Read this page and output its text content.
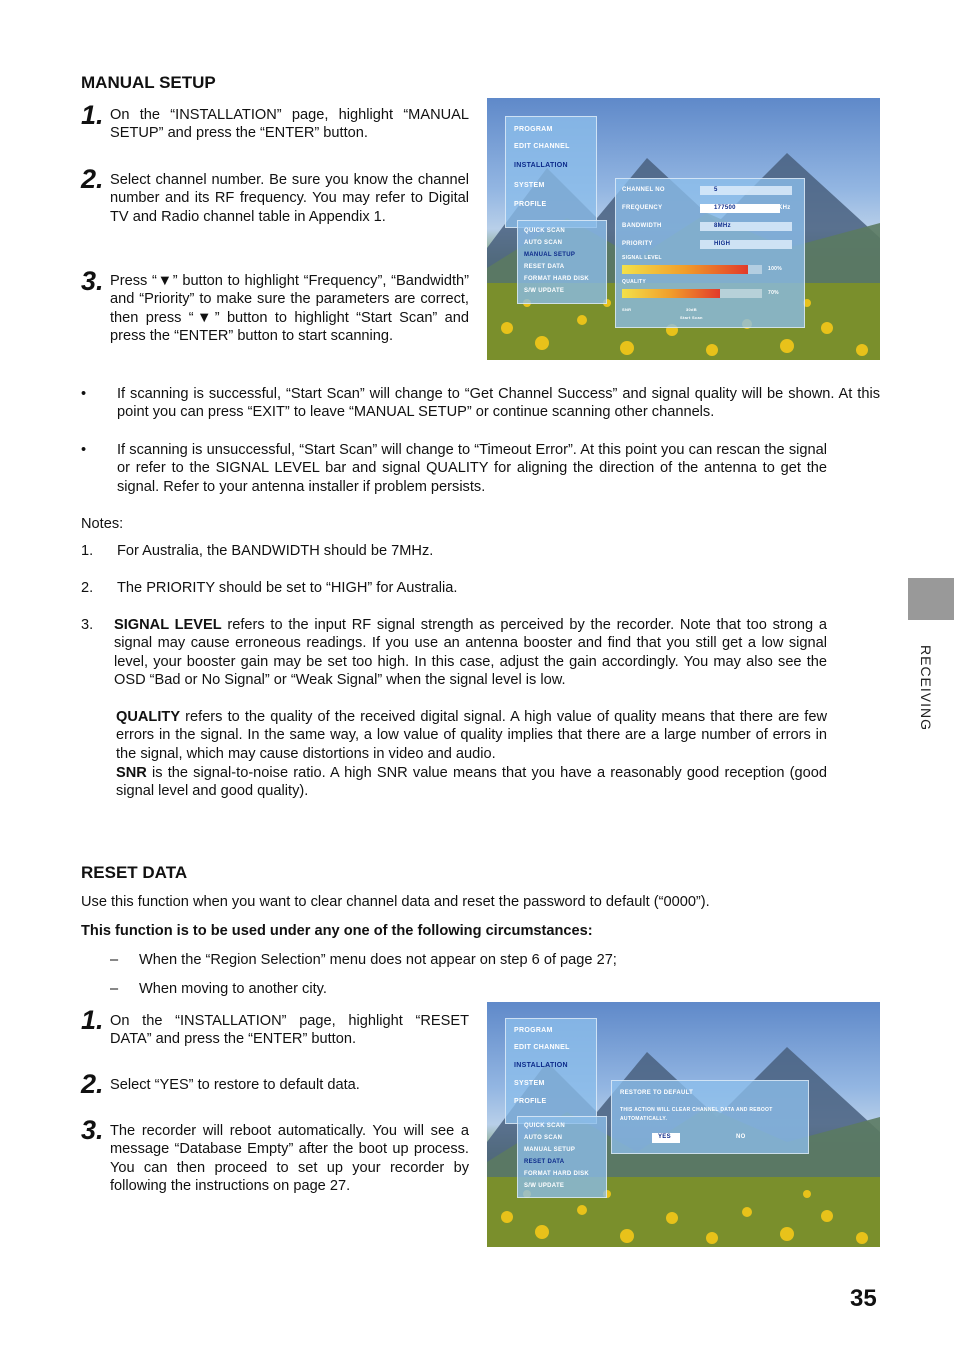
MANUAL SETUP
1. On the “INSTALLATION” page, highlight “MANUAL SETUP” and press the “ENTER” button.
2. Select channel number. Be sure you know the channel number and its RF frequency. You may refer to Digital TV and Radio channel table in Appendix 1.
3. Press “▼” button to highlight “Frequency”, “Bandwidth” and “Priority” to make sure the parameters are correct, then press “▼” button to highlight “Start Scan” and press the “ENTER” button to start scanning.
PROGRAM
EDIT CHANNEL
INSTALLATION
SYSTEM
PROFILE
QUICK SCAN
AUTO SCAN
MANUAL SETUP
RESET DATA
FORMAT HARD DISK
S/W UPDATE
CHANNEL NO	5
FREQUENCY	177500	KHz
BANDWIDTH	8MHz
PRIORITY	HIGH
SIGNAL LEVEL
100%
QUALITY
70%
SNR	30dB
Start Scan
• If scanning is successful, “Start Scan” will change to “Get Channel Success” and signal quality will be shown. At this point you can press “EXIT” to leave “MANUAL SETUP” or continue scanning other channels.
• If scanning is unsuccessful, “Start Scan” will change to “Timeout Error”. At this point you can rescan the signal or refer to the SIGNAL LEVEL bar and signal QUALITY for aligning the direction of the antenna to get the signal. Refer to your antenna installer if problem persists.
Notes:
1. For Australia, the BANDWIDTH should be 7MHz.
2. The PRIORITY should be set to “HIGH” for Australia.
3. SIGNAL LEVEL refers to the input RF signal strength as perceived by the recorder. Note that too strong a signal may cause erroneous readings. If you use an antenna booster and find that you still get a low signal level, your booster gain may be set too high. In this case, adjust the gain accordingly. You may also see the OSD “Bad or No Signal” or “Weak Signal” when the signal level is low.
QUALITY refers to the quality of the received digital signal. A high value of quality means that there are few errors in the signal. In the same way, a low value of quality implies that there are a large number of errors in the signal, which may cause distortions in video and audio.
SNR is the signal-to-noise ratio. A high SNR value means that you have a reasonably good reception (good signal level and good quality).
RESET DATA
Use this function when you want to clear channel data and reset the password to default (“0000”).
This function is to be used under any one of the following circumstances:
– When the “Region Selection” menu does not appear on step 6 of page 27;
– When moving to another city.
1. On the “INSTALLATION” page, highlight “RESET DATA” and press the “ENTER” button.
2. Select “YES” to restore to default data.
3. The recorder will reboot automatically. You will see a message “Database Empty” after the boot up process. You can then proceed to set up your recorder by following the instructions on page 27.
PROGRAM
EDIT CHANNEL
INSTALLATION
SYSTEM
PROFILE
QUICK SCAN
AUTO SCAN
MANUAL SETUP
RESET DATA
FORMAT HARD DISK
S/W UPDATE
RESTORE TO DEFAULT
THIS ACTION WILL CLEAR CHANNEL DATA AND REBOOT AUTOMATICALLY.
YES	NO
RECEIVING
35
